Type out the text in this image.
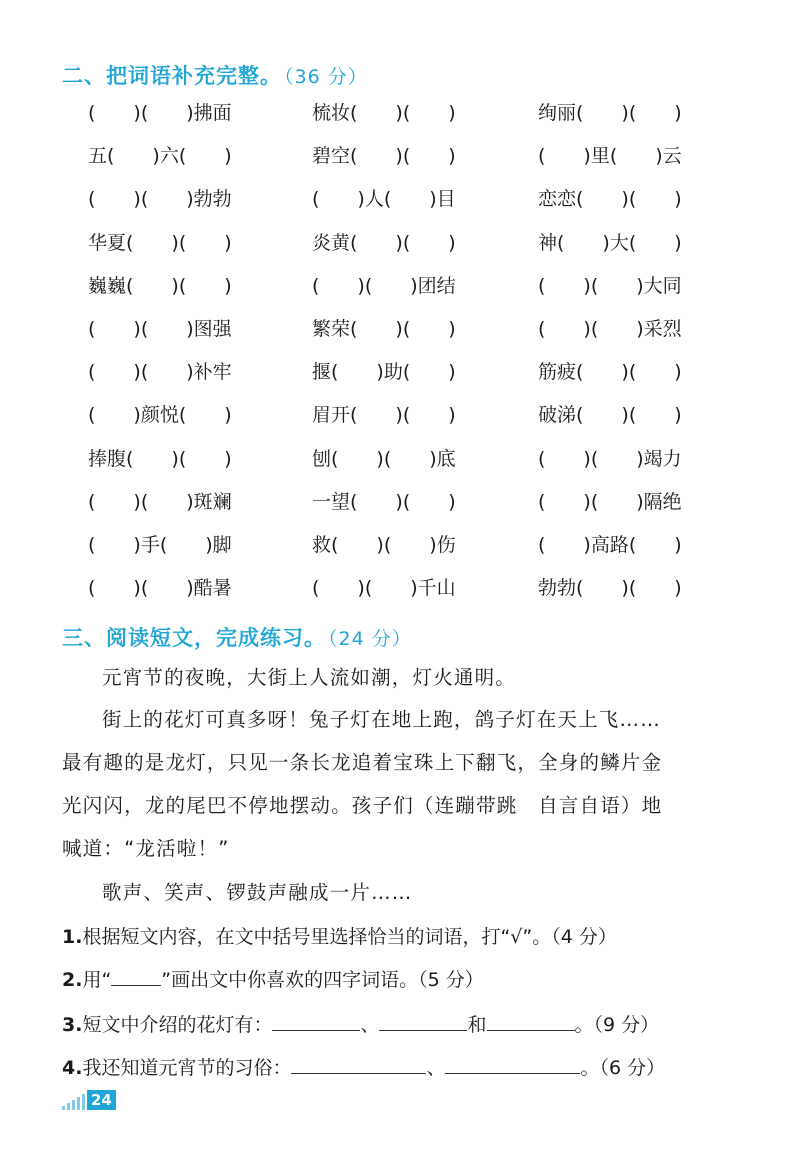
二、把词语补充完整。 （36 分）
(　　)(　　)拂面	梳妆(　　)(　　)	绚丽(　　)(　　)
五(　　)六(　　)	碧空(　　)(　　)	(　　)里(　　)云
(　　)(　　)勃勃	(　　)人(　　)目	恋恋(　　)(　　)
华夏(　　)(　　)	炎黄(　　)(　　)	神(　　)大(　　)
巍巍(　　)(　　)	(　　)(　　)团结	(　　)(　　)大同
(　　)(　　)图强	繁荣(　　)(　　)	(　　)(　　)采烈
(　　)(　　)补牢	揠(　　)助(　　)	筋疲(　　)(　　)
(　　)颜悦(　　)	眉开(　　)(　　)	破涕(　　)(　　)
捧腹(　　)(　　)	刨(　　)(　　)底	(　　)(　　)竭力
(　　)(　　)斑斓	一望(　　)(　　)	(　　)(　　)隔绝
(　　)手(　　)脚	救(　　)(　　)伤	(　　)高路(　　)
(　　)(　　)酷暑	(　　)(　　)千山	勃勃(　　)(　　)
三、阅读短文，完成练习。 （24 分）
元宵节的夜晚，大街上人流如潮，灯火通明。
街上的花灯可真多呀！兔子灯在地上跑，鸽子灯在天上飞……
最有趣的是龙灯，只见一条长龙追着宝珠上下翻飞，全身的鳞片金
光闪闪，龙的尾巴不停地摆动。孩子们（连蹦带跳　自言自语）地
喊道：“龙活啦！”
歌声、笑声、锣鼓声融成一片……
1.根据短文内容，在文中括号里选择恰当的词语，打“√”。（4 分）
2.用“	”画出文中你喜欢的四字词语。（5 分）
3.短文中介绍的花灯有：	、	和	。（9 分）
4.我还知道元宵节的习俗：	、	。（6 分）
24
